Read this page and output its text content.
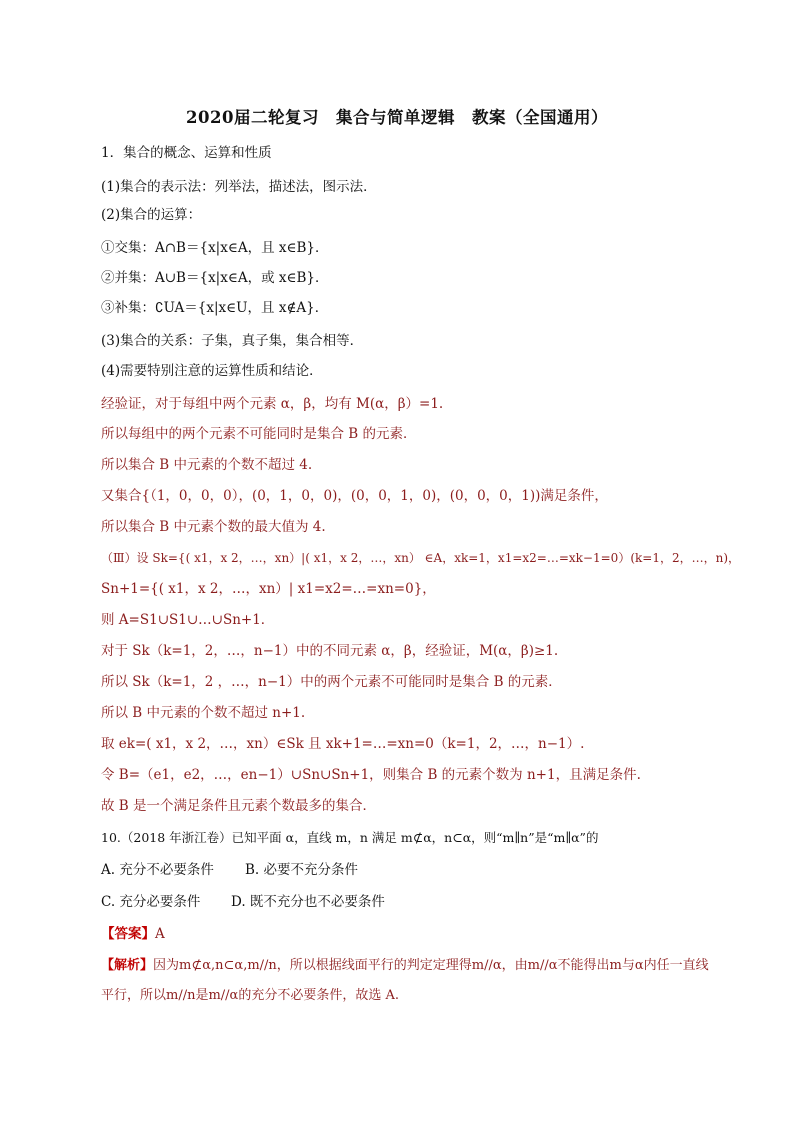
2020届二轮复习　集合与简单逻辑　教案（全国通用）
1．集合的概念、运算和性质
(1)集合的表示法：列举法，描述法，图示法．
(2)集合的运算：
①交集：A∩B＝{x|x∈A，且 x∈B}．
②并集：A∪B＝{x|x∈A，或 x∈B}．
③补集：∁UA＝{x|x∈U，且 x∉A}．
(3)集合的关系：子集，真子集，集合相等．
(4)需要特别注意的运算性质和结论．
经验证，对于每组中两个元素 α，β，均有 M(α，β）=1.
所以每组中的两个元素不可能同时是集合 B 的元素．
所以集合 B 中元素的个数不超过 4.
又集合{（1，0，0，0），(0，1，0，0)，(0，0，1，0)，(0，0，0，1))满足条件，
所以集合 B 中元素个数的最大值为 4.
（Ⅲ）设 Sk={( x1，x 2，…，xn）|( x1，x 2，…，xn） ∈A，xk=1，x1=x2=…=xk−1=0）(k=1，2，…，n)，
Sn+1={( x1，x 2，…，xn）| x1=x2=…=xn=0}，
则 A=S1∪S1∪…∪Sn+1．
对于 Sk（k=1，2，…，n−1）中的不同元素 α，β，经验证，M(α，β)≥1.
所以 Sk（k=1，2 ，…，n−1）中的两个元素不可能同时是集合 B 的元素．
所以 B 中元素的个数不超过 n+1.
取 ek=( x1，x 2，…，xn）∈Sk 且 xk+1=…=xn=0（k=1，2，…，n−1）.
令 B=（e1，e2，…，en−1）∪Sn∪Sn+1，则集合 B 的元素个数为 n+1，且满足条件.
故 B 是一个满足条件且元素个数最多的集合．
10.（2018 年浙江卷）已知平面 α，直线 m，n 满足 m⊄α，n⊂α，则“m∥n”是“m∥α”的
A. 充分不必要条件 B. 必要不充分条件
C. 充分必要条件 D. 既不充分也不必要条件
【答案】A
【解析】因为m⊄α,n⊂α,m//n，所以根据线面平行的判定定理得m//α，由m//α不能得出m与α内任一直线
平行，所以m//n是m//α的充分不必要条件，故选 A.
